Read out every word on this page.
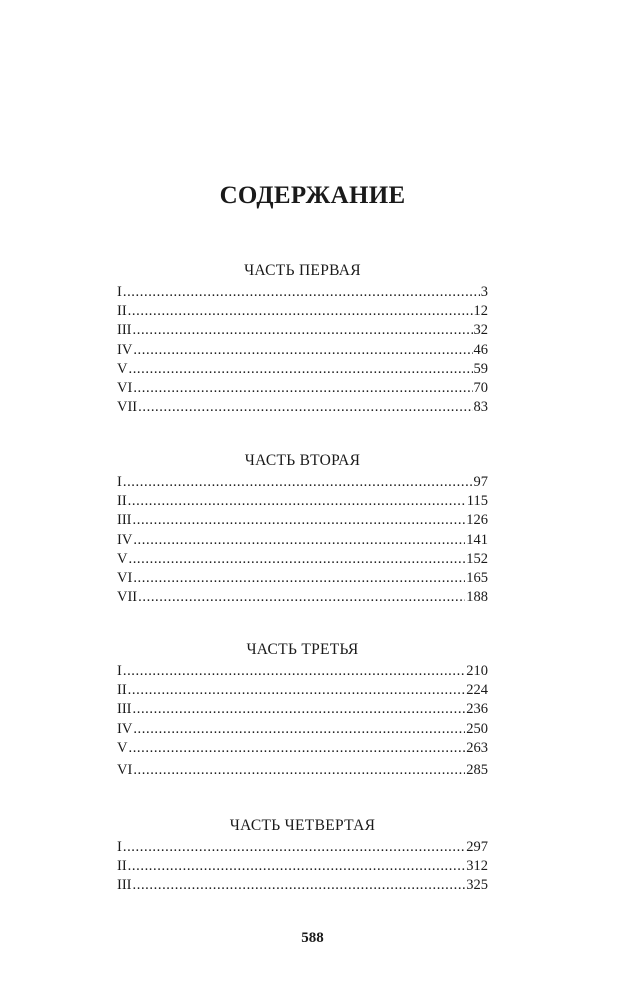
СОДЕРЖАНИЕ
ЧАСТЬ ПЕРВАЯ
I .....	3
II .....	12
III .....	32
IV .....	46
V .....	59
VI .....	70
VII .....	83
ЧАСТЬ ВТОРАЯ
I .....	97
II .....	115
III .....	126
IV .....	141
V .....	152
VI .....	165
VII .....	188
ЧАСТЬ ТРЕТЬЯ
I .....	210
II .....	224
III .....	236
IV .....	250
V .....	263
VI .....	285
ЧАСТЬ ЧЕТВЕРТАЯ
I .....	297
II .....	312
III .....	325
588
